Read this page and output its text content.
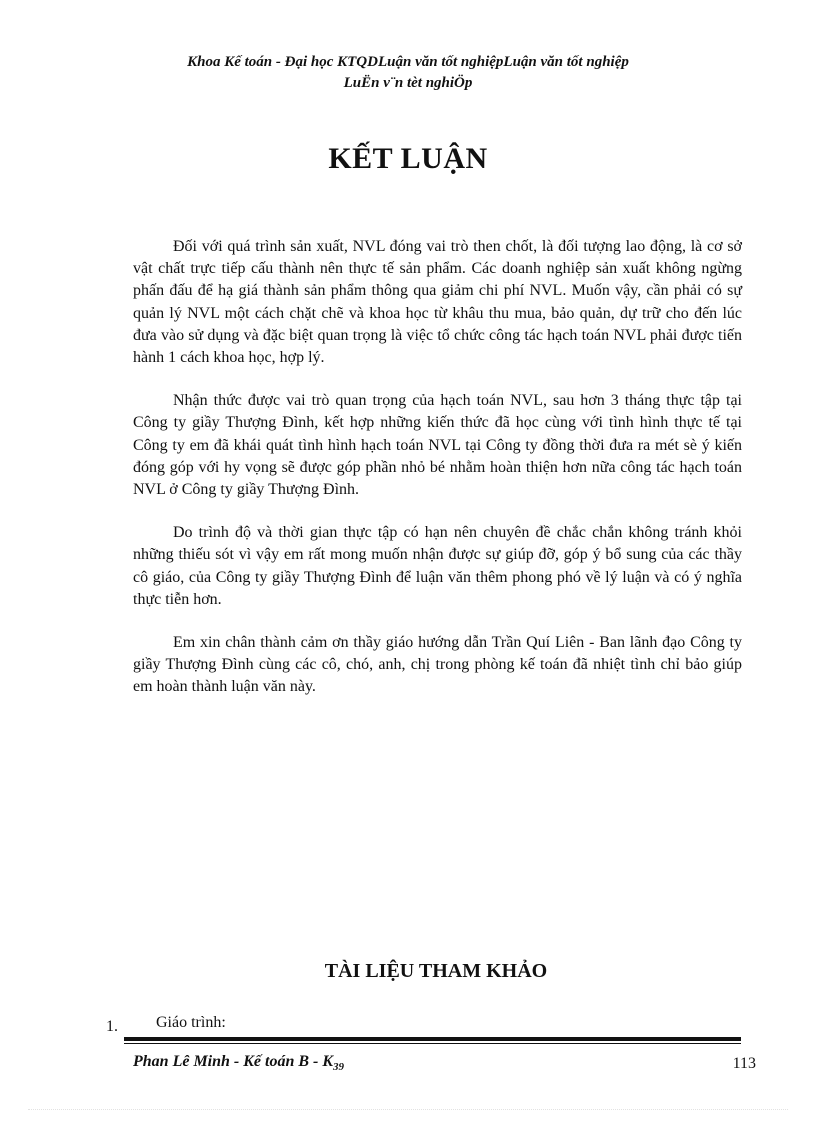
Khoa Kế toán - Đại học KTQDLuận văn tốt nghiệpLuận văn tốt nghiệp
LuËn v¨n tèt nghiÖp
KẾT LUẬN

Đối với quá trình sản xuất, NVL đóng vai trò then chốt, là đối tượng lao động, là cơ sở vật chất trực tiếp cấu thành nên thực tế sản phẩm. Các doanh nghiệp sản xuất không ngừng phấn đấu để hạ giá thành sản phẩm thông qua giảm chi phí NVL. Muốn vậy, cần phải có sự quản lý NVL một cách chặt chẽ và khoa học từ khâu thu mua, bảo quản, dự trữ cho đến lúc đưa vào sử dụng và đặc biệt quan trọng là việc tổ chức công tác hạch toán NVL phải được tiến hành 1 cách khoa học, hợp lý.

Nhận thức được vai trò quan trọng của hạch toán NVL, sau hơn 3 tháng thực tập tại Công ty giầy Thượng Đình, kết hợp những kiến thức đã học cùng với tình hình thực tế tại Công ty em đã khái quát tình hình hạch toán NVL tại Công ty đồng thời đưa ra mét sè ý kiến đóng góp với hy vọng sẽ được góp phần nhỏ bé nhằm hoàn thiện hơn nữa công tác hạch toán NVL ở Công ty giầy Thượng Đình.

Do trình độ và thời gian thực tập có hạn nên chuyên đề chắc chắn không tránh khỏi những thiếu sót vì vậy em rất mong muốn nhận được sự giúp đỡ, góp ý bổ sung của các thầy cô giáo, của Công ty giầy Thượng Đình để luận văn thêm phong phó về lý luận và có ý nghĩa thực tiễn hơn.

Em xin chân thành cảm ơn thầy giáo hướng dẫn Trần Quí Liên - Ban lãnh đạo Công ty giầy Thượng Đình cùng các cô, chó, anh, chị trong phòng kế toán đã nhiệt tình chỉ bảo giúp em hoàn thành luận văn này.

TÀI LIỆU THAM KHẢO
1. Giáo trình:
Phan Lê Minh - Kế toán B - $K_{39}$	113
